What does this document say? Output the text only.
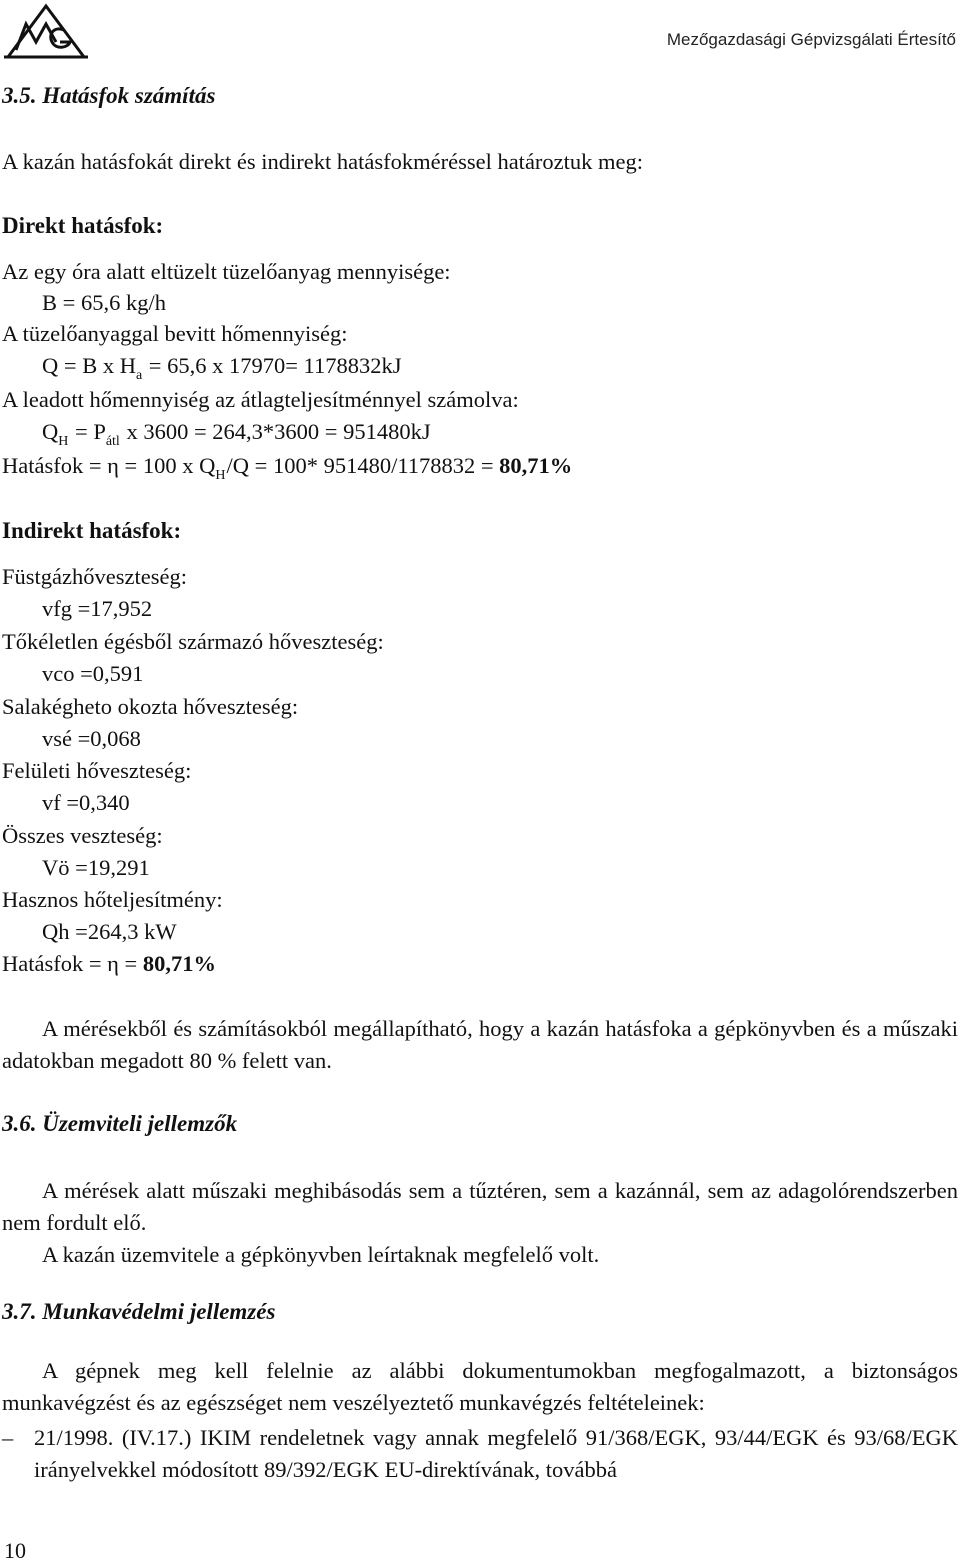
Mezőgazdasági Gépvizsgálati Értesítő
3.5. Hatásfok számítás
A kazán hatásfokát direkt és indirekt hatásfokméréssel határoztuk meg:
Direkt hatásfok:
Az egy óra alatt eltüzelt tüzelőanyag mennyisége:
B = 65,6 kg/h
A tüzelőanyaggal bevitt hőmennyiség:
Q = B x $H_a = 65,6$ x 17970= 1178832kJ
A leadott hőmennyiség az átlagteljesítménnyel számolva:
$Q_H = P_{átl}$ x 3600 = 264,3*3600 = 951480kJ
Hatásfok = η = 100 x $Q_H/Q = 100*$ 951480/1178832 = 80,71%
Indirekt hatásfok:
Füstgázhőveszteség:
vfg =17,952
Tőkéletlen égésből származó hőveszteség:
vco =0,591
Salakégheto okozta hőveszteség:
vsé =0,068
Felületi hőveszteség:
vf =0,340
Összes veszteség:
Vö =19,291
Hasznos hőteljesítmény:
Qh =264,3 kW
Hatásfok = η = 80,71%
A mérésekből és számításokból megállapítható, hogy a kazán hatásfoka a gépkönyvben és a műszaki adatokban megadott 80 % felett van.
3.6. Üzemviteli jellemzők
A mérések alatt műszaki meghibásodás sem a tűztéren, sem a kazánnál, sem az adagolórendszerben nem fordult elő.
A kazán üzemvitele a gépkönyvben leírtaknak megfelelő volt.
3.7. Munkavédelmi jellemzés
A gépnek meg kell felelnie az alábbi dokumentumokban megfogalmazott, a biztonságos munkavégzést és az egészséget nem veszélyeztető munkavégzés feltételeinek:
– 21/1998. (IV.17.) IKIM rendeletnek vagy annak megfelelő 91/368/EGK, 93/44/EGK és 93/68/EGK irányelvekkel módosított 89/392/EGK EU-direktívának, továbbá
10
